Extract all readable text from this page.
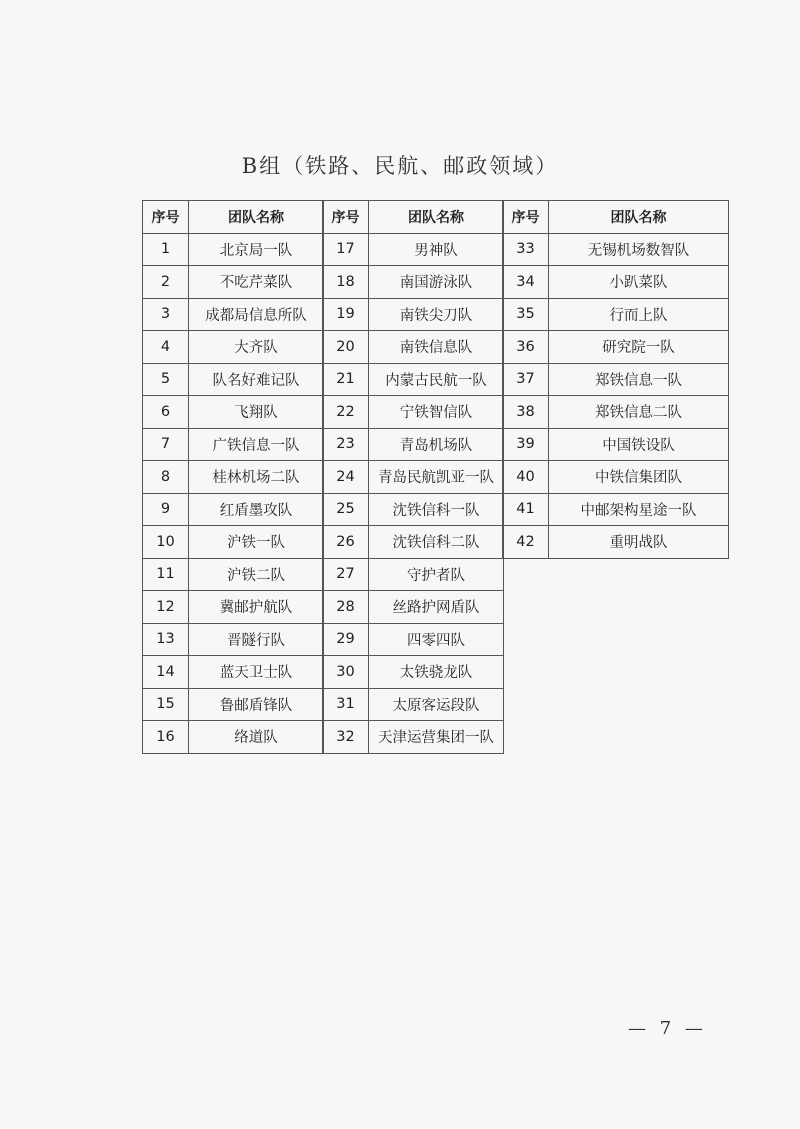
B组（铁路、民航、邮政领域）
序号	团队名称
1	北京局一队
2	不吃芹菜队
3	成都局信息所队
4	大齐队
5	队名好难记队
6	飞翔队
7	广铁信息一队
8	桂林机场二队
9	红盾墨攻队
10	沪铁一队
11	沪铁二队
12	冀邮护航队
13	晋隧行队
14	蓝天卫士队
15	鲁邮盾锋队
16	络道队
序号	团队名称
17	男神队
18	南国游泳队
19	南铁尖刀队
20	南铁信息队
21	内蒙古民航一队
22	宁铁智信队
23	青岛机场队
24	青岛民航凯亚一队
25	沈铁信科一队
26	沈铁信科二队
27	守护者队
28	丝路护网盾队
29	四零四队
30	太铁骁龙队
31	太原客运段队
32	天津运营集团一队
序号	团队名称
33	无锡机场数智队
34	小趴菜队
35	行而上队
36	研究院一队
37	郑铁信息一队
38	郑铁信息二队
39	中国铁设队
40	中铁信集团队
41	中邮架构星途一队
42	重明战队
— 7 —
